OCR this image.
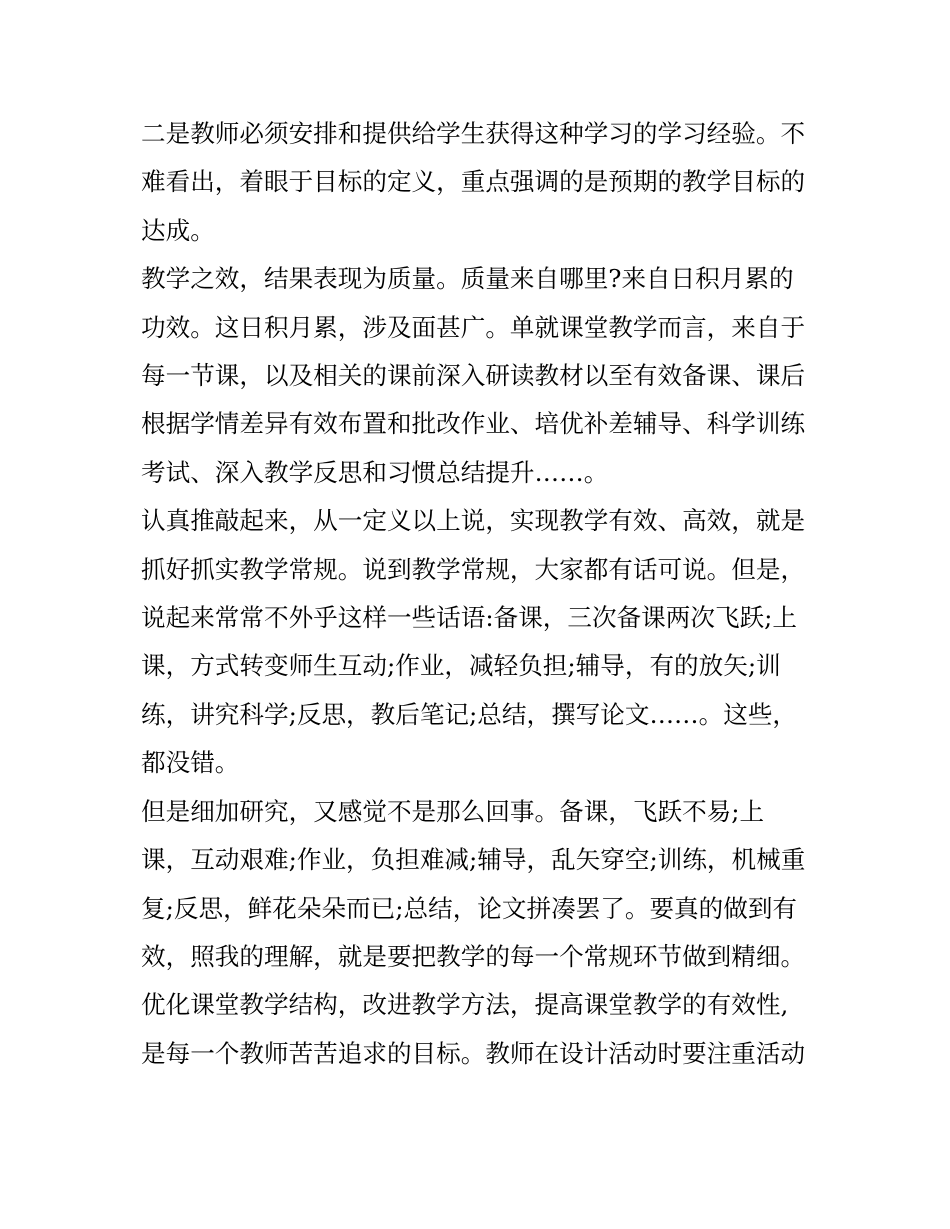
二是教师必须安排和提供给学生获得这种学习的学习经验。不
难看出，着眼于目标的定义，重点强调的是预期的教学目标的
达成。

教学之效，结果表现为质量。质量来自哪里?来自日积月累的
功效。这日积月累，涉及面甚广。单就课堂教学而言，来自于
每一节课，以及相关的课前深入研读教材以至有效备课、课后
根据学情差异有效布置和批改作业、培优补差辅导、科学训练
考试、深入教学反思和习惯总结提升……。

认真推敲起来，从一定义以上说，实现教学有效、高效，就是
抓好抓实教学常规。说到教学常规，大家都有话可说。但是，
说起来常常不外乎这样一些话语:备课，三次备课两次飞跃;上
课，方式转变师生互动;作业，减轻负担;辅导，有的放矢;训
练，讲究科学;反思，教后笔记;总结，撰写论文……。这些，
都没错。

但是细加研究，又感觉不是那么回事。备课，飞跃不易;上
课，互动艰难;作业，负担难减;辅导，乱矢穿空;训练，机械重
复;反思，鲜花朵朵而已;总结，论文拼凑罢了。要真的做到有
效，照我的理解，就是要把教学的每一个常规环节做到精细。

优化课堂教学结构，改进教学方法，提高课堂教学的有效性,
是每一个教师苦苦追求的目标。教师在设计活动时要注重活动
